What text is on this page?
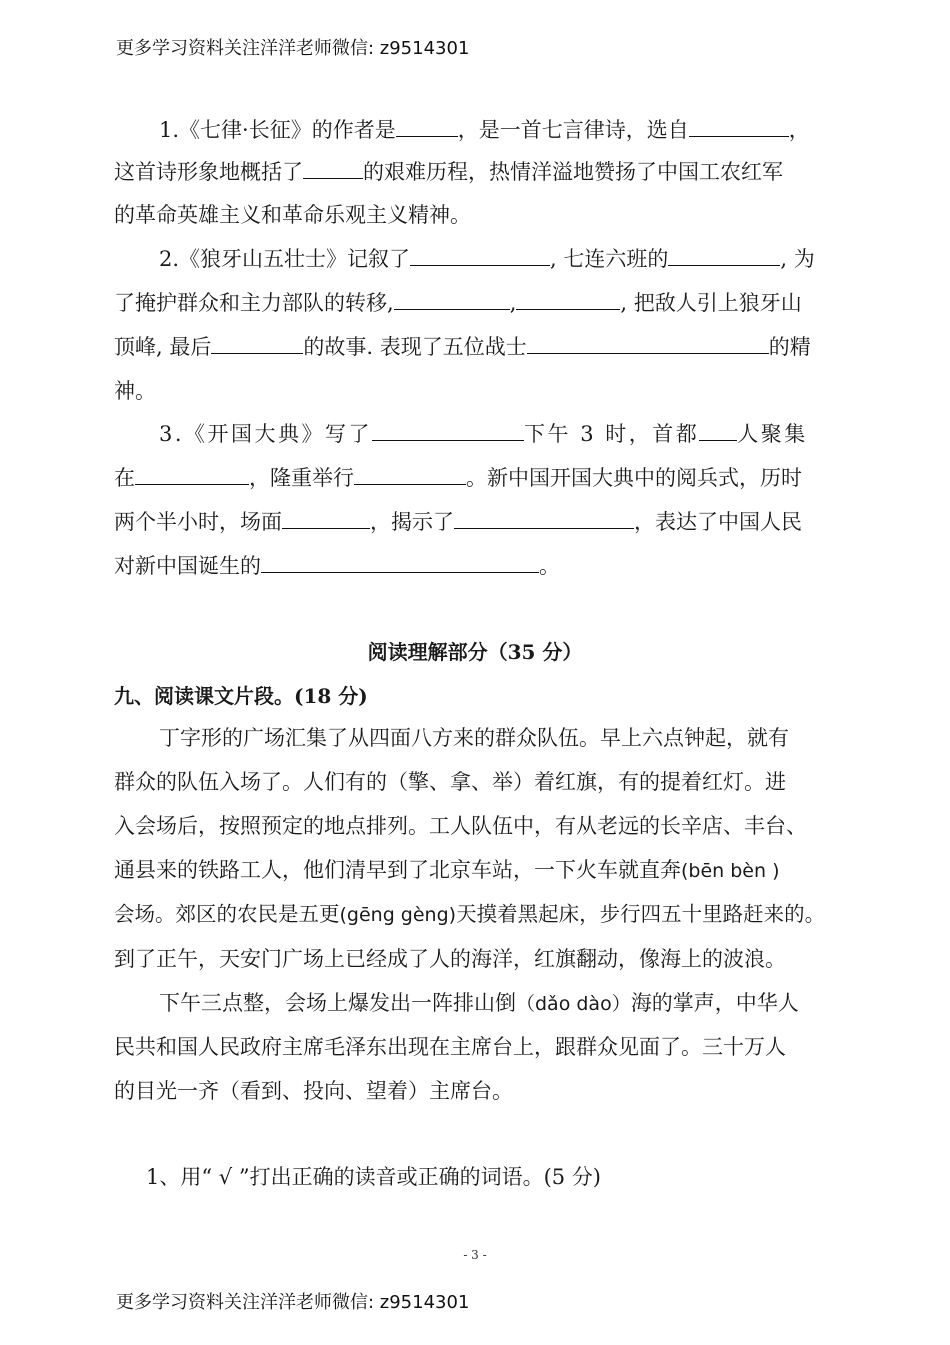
更多学习资料关注洋洋老师微信: z9514301
1.《七律·长征》的作者是	，是一首七言律诗，选自	，
这首诗形象地概括了	的艰难历程，热情洋溢地赞扬了中国工农红军
的革命英雄主义和革命乐观主义精神。
2.《狼牙山五壮士》记叙了	, 七连六班的	, 为
了掩护群众和主力部队的转移,	,	, 把敌人引上狼牙山
顶峰, 最后	的故事. 表现了五位战士	的精
神。
3.《开国大典》写了	下午 3 时，首都 人聚集
在	，隆重举行	。新中国开国大典中的阅兵式，历时
两个半小时，场面	，揭示了	，表达了中国人民
对新中国诞生的	。
阅读理解部分（35 分）
九、阅读课文片段。(18 分)
丁字形的广场汇集了从四面八方来的群众队伍。早上六点钟起，就有
群众的队伍入场了。人们有的（擎、拿、举）着红旗，有的提着红灯。进
入会场后，按照预定的地点排列。工人队伍中，有从老远的长辛店、丰台、
通县来的铁路工人，他们清早到了北京车站，一下火车就直奔(bēn bèn )
会场。郊区的农民是五更(gēng gèng)天摸着黑起床，步行四五十里路赶来的。
到了正午，天安门广场上已经成了人的海洋，红旗翻动，像海上的波浪。
下午三点整，会场上爆发出一阵排山倒（dǎo dào）海的掌声，中华人
民共和国人民政府主席毛泽东出现在主席台上，跟群众见面了。三十万人
的目光一齐（看到、投向、望着）主席台。
1、用“ √ ”打出正确的读音或正确的词语。(5 分)
- 3 -
更多学习资料关注洋洋老师微信: z9514301
